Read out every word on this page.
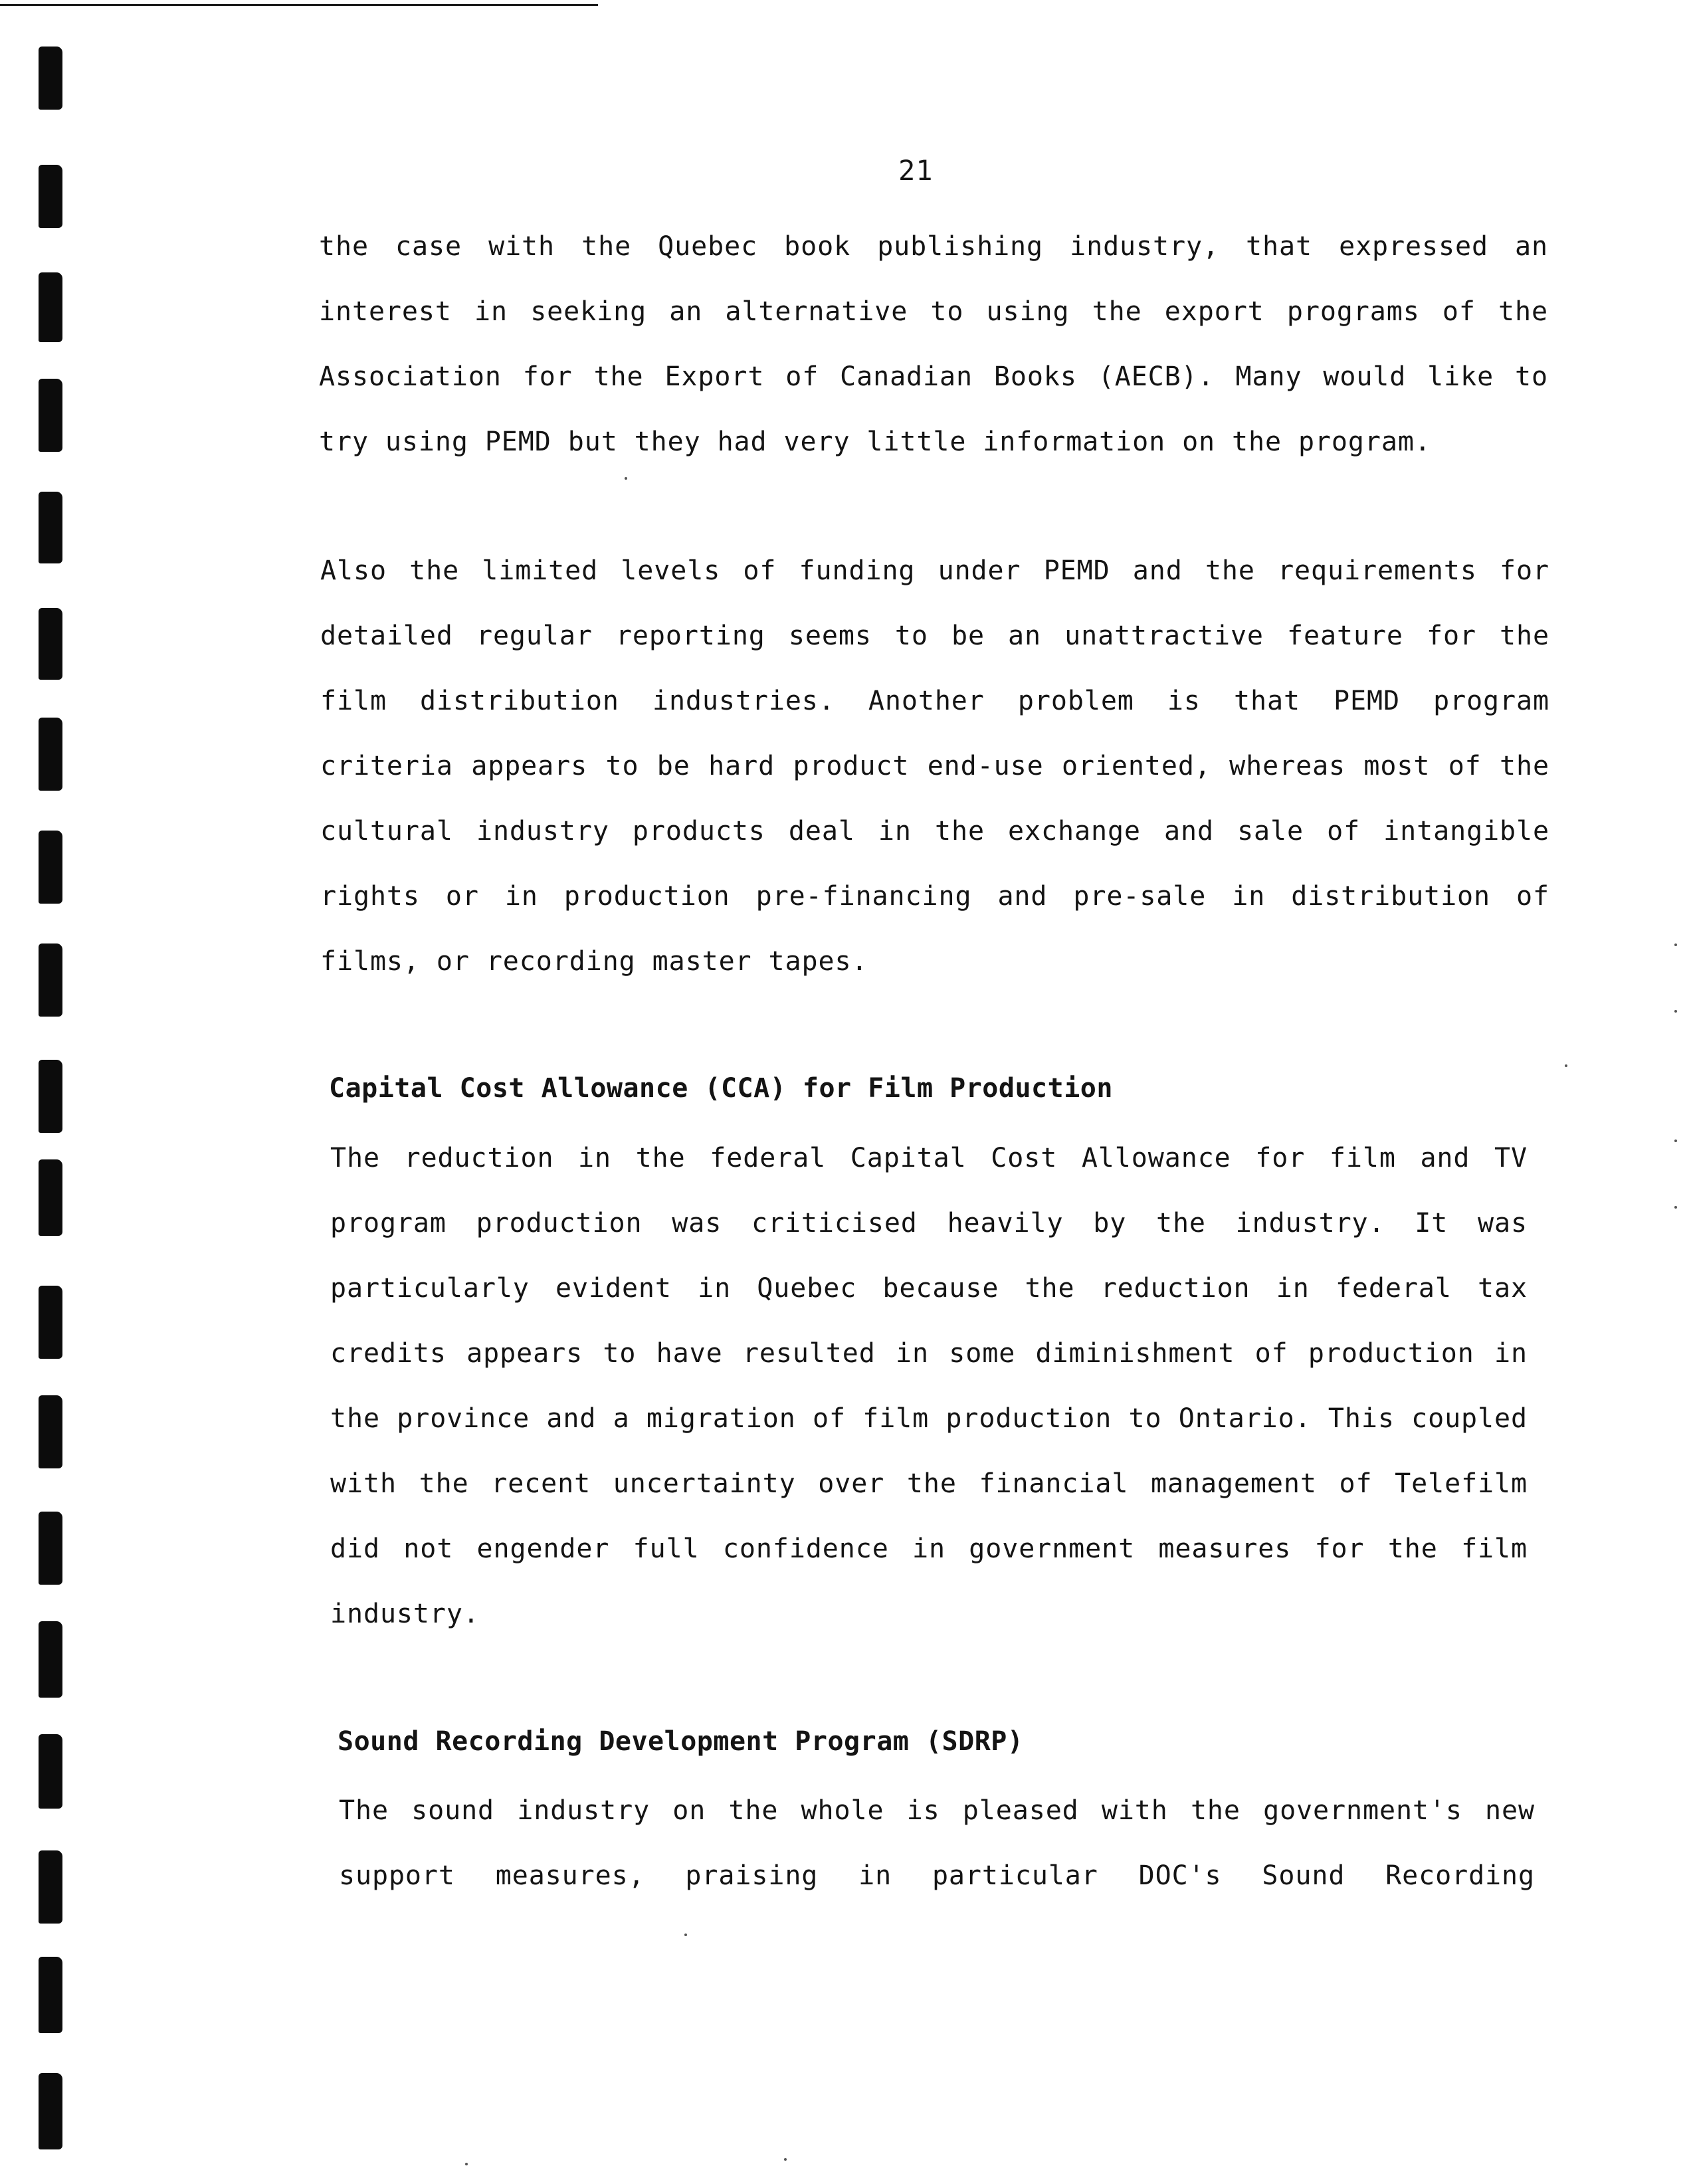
21

the case with the Quebec book publishing industry, that expressed an interest in seeking an alternative to using the export programs of the Association for the Export of Canadian Books (AECB). Many would like to try using PEMD but they had very little information on the program.

Also the limited levels of funding under PEMD and the requirements for detailed regular reporting seems to be an unattractive feature for the film distribution industries. Another problem is that PEMD program criteria appears to be hard product end-use oriented, whereas most of the cultural industry products deal in the exchange and sale of intangible rights or in production pre-financing and pre-sale in distribution of films, or recording master tapes.

Capital Cost Allowance (CCA) for Film Production

The reduction in the federal Capital Cost Allowance for film and TV program production was criticised heavily by the industry. It was particularly evident in Quebec because the reduction in federal tax credits appears to have resulted in some diminishment of production in the province and a migration of film production to Ontario. This coupled with the recent uncertainty over the financial management of Telefilm did not engender full confidence in government measures for the film industry.

Sound Recording Development Program (SDRP)

The sound industry on the whole is pleased with the government's new support measures, praising in particular DOC's Sound Recording
